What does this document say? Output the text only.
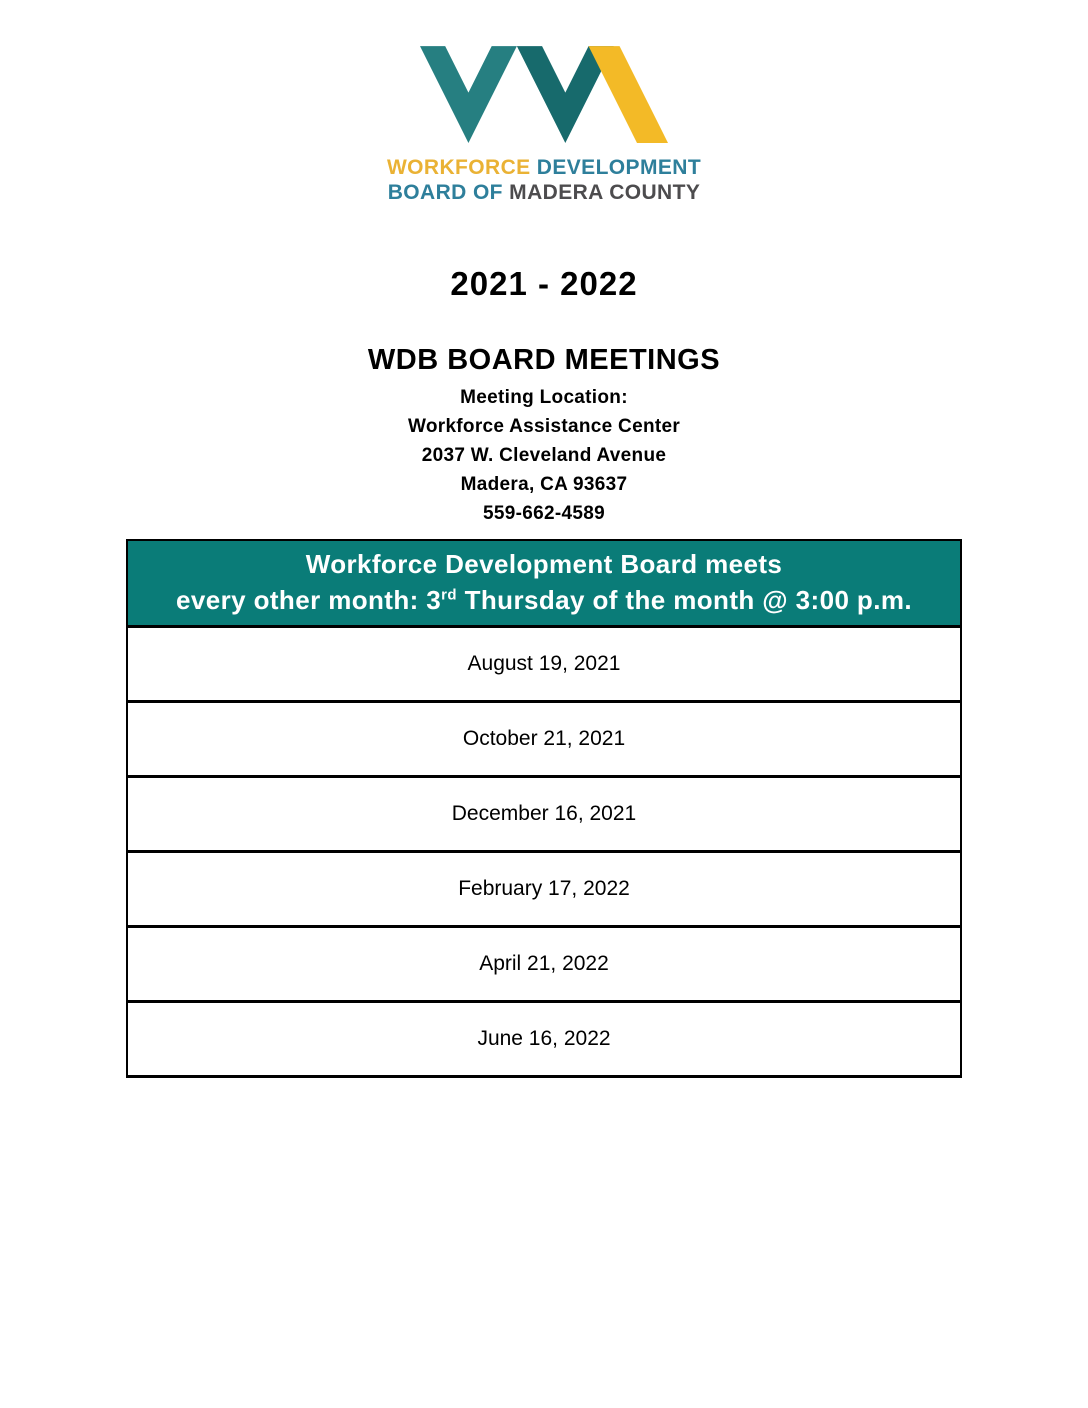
WORKFORCE DEVELOPMENT
BOARD OF MADERA COUNTY
2021 - 2022
WDB BOARD MEETINGS
Meeting Location:
Workforce Assistance Center
2037 W. Cleveland Avenue
Madera, CA 93637
559-662-4589
Workforce Development Board meets
every other month: 3rd Thursday of the month @ 3:00 p.m.

August 19, 2021
October 21, 2021
December 16, 2021
February 17, 2022
April 21, 2022
June 16, 2022
